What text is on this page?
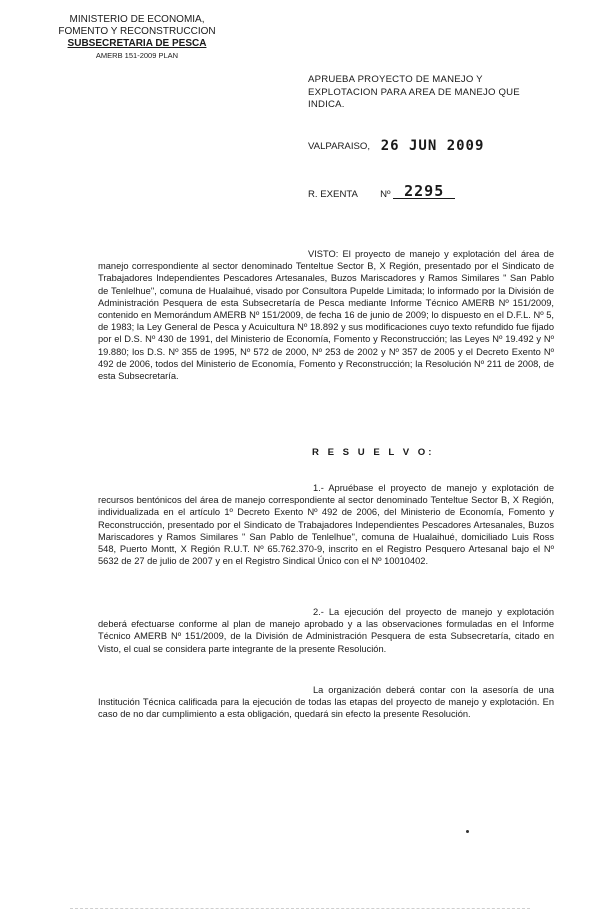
MINISTERIO DE ECONOMIA,
FOMENTO Y RECONSTRUCCION
SUBSECRETARIA DE PESCA
AMERB 151-2009 PLAN
APRUEBA PROYECTO DE MANEJO Y EXPLOTACION PARA AREA DE MANEJO QUE INDICA.
VALPARAISO, 26 JUN 2009
R. EXENTA Nº 2295
VISTO: El proyecto de manejo y explotación del área de manejo correspondiente al sector denominado Tenteltue Sector B, X Región, presentado por el Sindicato de Trabajadores Independientes Pescadores Artesanales, Buzos Mariscadores y Ramos Similares " San Pablo de Tenlelhue", comuna de Hualaihué, visado por Consultora Pupelde Limitada; lo informado por la División de Administración Pesquera de esta Subsecretaría de Pesca mediante Informe Técnico AMERB Nº 151/2009, contenido en Memorándum AMERB Nº 151/2009, de fecha 16 de junio de 2009; lo dispuesto en el D.F.L. Nº 5, de 1983; la Ley General de Pesca y Acuicultura Nº 18.892 y sus modificaciones cuyo texto refundido fue fijado por el D.S. Nº 430 de 1991, del Ministerio de Economía, Fomento y Reconstrucción; las Leyes Nº 19.492 y Nº 19.880; los D.S. Nº 355 de 1995, Nº 572 de 2000, Nº 253 de 2002 y Nº 357 de 2005 y el Decreto Exento Nº 492 de 2006, todos del Ministerio de Economía, Fomento y Reconstrucción; la Resolución Nº 211 de 2008, de esta Subsecretaría.
R E S U E L V O:
1.- Apruébase el proyecto de manejo y explotación de recursos bentónicos del área de manejo correspondiente al sector denominado Tenteltue Sector B, X Región, individualizada en el artículo 1º Decreto Exento Nº 492 de 2006, del Ministerio de Economía, Fomento y Reconstrucción, presentado por el Sindicato de Trabajadores Independientes Pescadores Artesanales, Buzos Mariscadores y Ramos Similares " San Pablo de Tenlelhue", comuna de Hualaihué, domiciliado Luis Ross 548, Puerto Montt, X Región R.U.T. Nº 65.762.370-9, inscrito en el Registro Pesquero Artesanal bajo el Nº 5632 de 27 de julio de 2007 y en el Registro Sindical Único con el Nº 10010402.
2.- La ejecución del proyecto de manejo y explotación deberá efectuarse conforme al plan de manejo aprobado y a las observaciones formuladas en el Informe Técnico AMERB Nº 151/2009, de la División de Administración Pesquera de esta Subsecretaría, citado en Visto, el cual se considera parte integrante de la presente Resolución.
La organización deberá contar con la asesoría de una Institución Técnica calificada para la ejecución de todas las etapas del proyecto de manejo y explotación. En caso de no dar cumplimiento a esta obligación, quedará sin efecto la presente Resolución.
